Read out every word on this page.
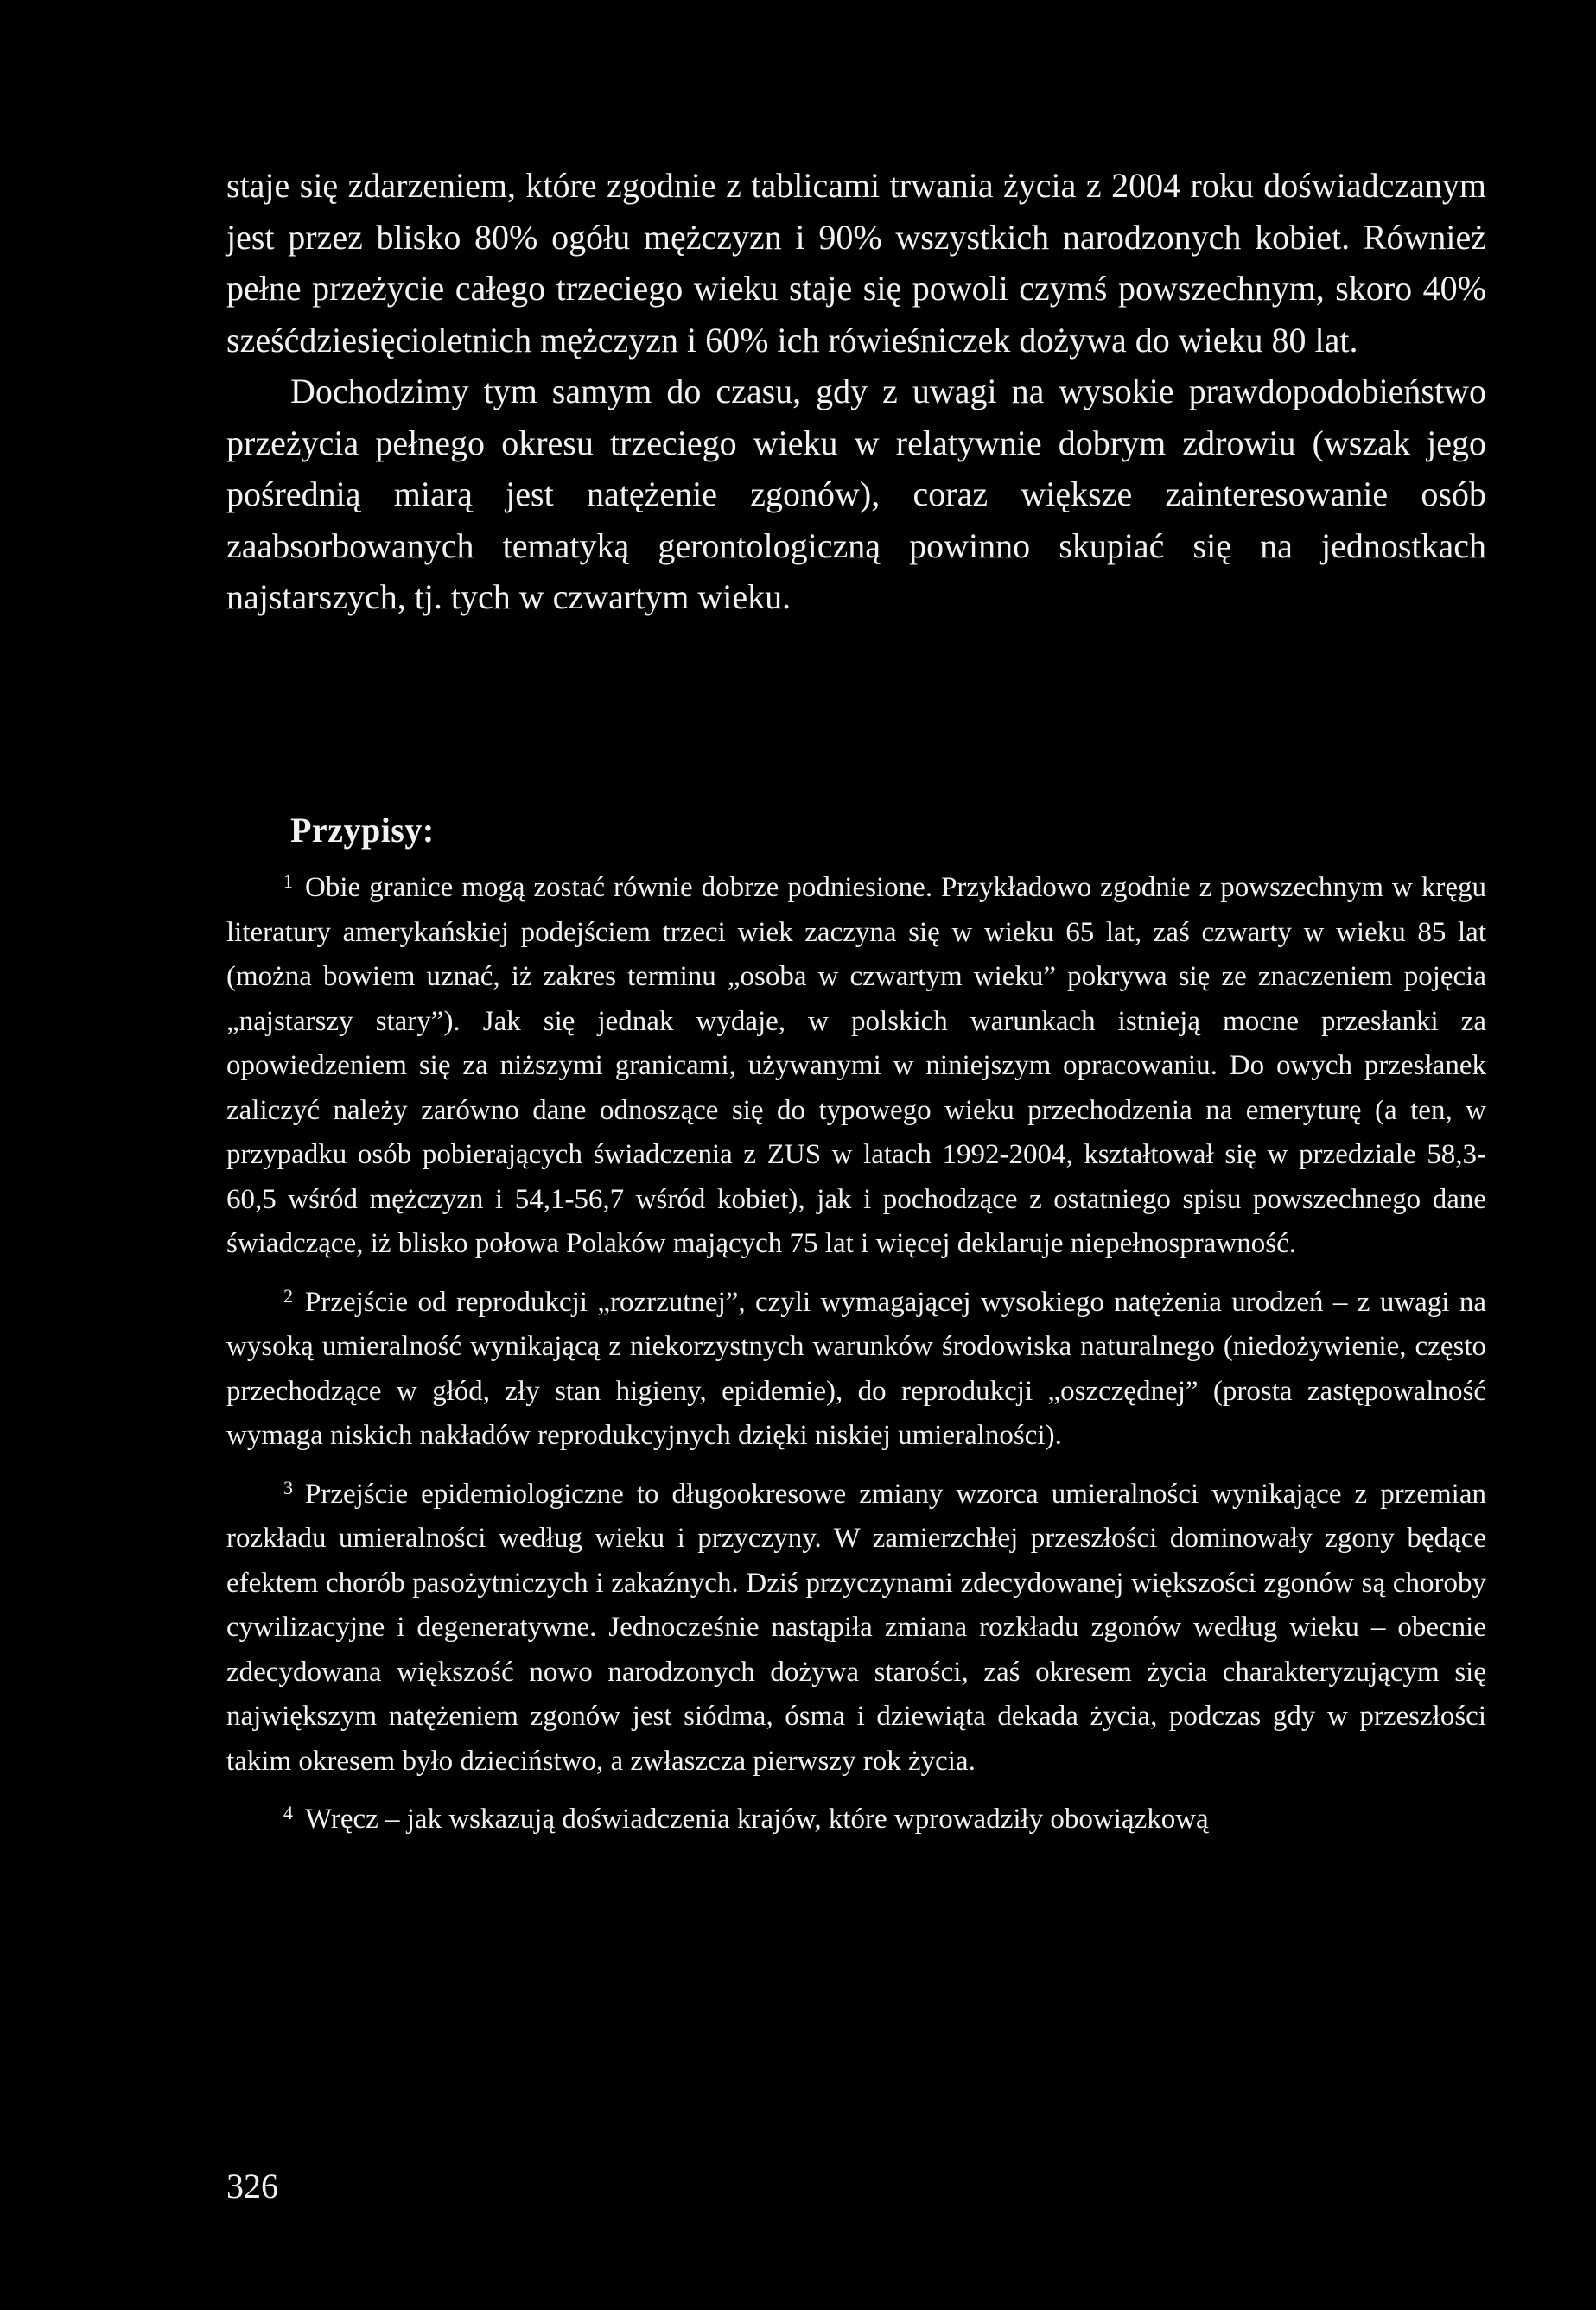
staje się zdarzeniem, które zgodnie z tablicami trwania życia z 2004 roku doświadczanym jest przez blisko 80% ogółu mężczyzn i 90% wszystkich narodzonych kobiet. Również pełne przeżycie całego trzeciego wieku staje się powoli czymś powszechnym, skoro 40% sześćdziesięcioletnich mężczyzn i 60% ich rówieśniczek dożywa do wieku 80 lat.

Dochodzimy tym samym do czasu, gdy z uwagi na wysokie prawdopodobieństwo przeżycia pełnego okresu trzeciego wieku w relatywnie dobrym zdrowiu (wszak jego pośrednią miarą jest natężenie zgonów), coraz większe zainteresowanie osób zaabsorbowanych tematyką gerontologiczną powinno skupiać się na jednostkach najstarszych, tj. tych w czwartym wieku.

Przypisy:

$^1$ Obie granice mogą zostać równie dobrze podniesione. Przykładowo zgodnie z powszechnym w kręgu literatury amerykańskiej podejściem trzeci wiek zaczyna się w wieku 65 lat, zaś czwarty w wieku 85 lat (można bowiem uznać, iż zakres terminu „osoba w czwartym wieku” pokrywa się ze znaczeniem pojęcia „najstarszy stary”). Jak się jednak wydaje, w polskich warunkach istnieją mocne przesłanki za opowiedzeniem się za niższymi granicami, używanymi w niniejszym opracowaniu. Do owych przesłanek zaliczyć należy zarówno dane odnoszące się do typowego wieku przechodzenia na emeryturę (a ten, w przypadku osób pobierających świadczenia z ZUS w latach 1992-2004, kształtował się w przedziale 58,3-60,5 wśród mężczyzn i 54,1-56,7 wśród kobiet), jak i pochodzące z ostatniego spisu powszechnego dane świadczące, iż blisko połowa Polaków mających 75 lat i więcej deklaruje niepełnosprawność.

$^2$ Przejście od reprodukcji „rozrzutnej”, czyli wymagającej wysokiego natężenia urodzeń – z uwagi na wysoką umieralność wynikającą z niekorzystnych warunków środowiska naturalnego (niedożywienie, często przechodzące w głód, zły stan higieny, epidemie), do reprodukcji „oszczędnej” (prosta zastępowalność wymaga niskich nakładów reprodukcyjnych dzięki niskiej umieralności).

$^3$ Przejście epidemiologiczne to długookresowe zmiany wzorca umieralności wynikające z przemian rozkładu umieralności według wieku i przyczyny. W zamierzchłej przeszłości dominowały zgony będące efektem chorób pasożytniczych i zakaźnych. Dziś przyczynami zdecydowanej większości zgonów są choroby cywilizacyjne i degeneratywne. Jednocześnie nastąpiła zmiana rozkładu zgonów według wieku – obecnie zdecydowana większość nowo narodzonych dożywa starości, zaś okresem życia charakteryzującym się największym natężeniem zgonów jest siódma, ósma i dziewiąta dekada życia, podczas gdy w przeszłości takim okresem było dzieciństwo, a zwłaszcza pierwszy rok życia.

$^4$ Wręcz – jak wskazują doświadczenia krajów, które wprowadziły obowiązkową

326
